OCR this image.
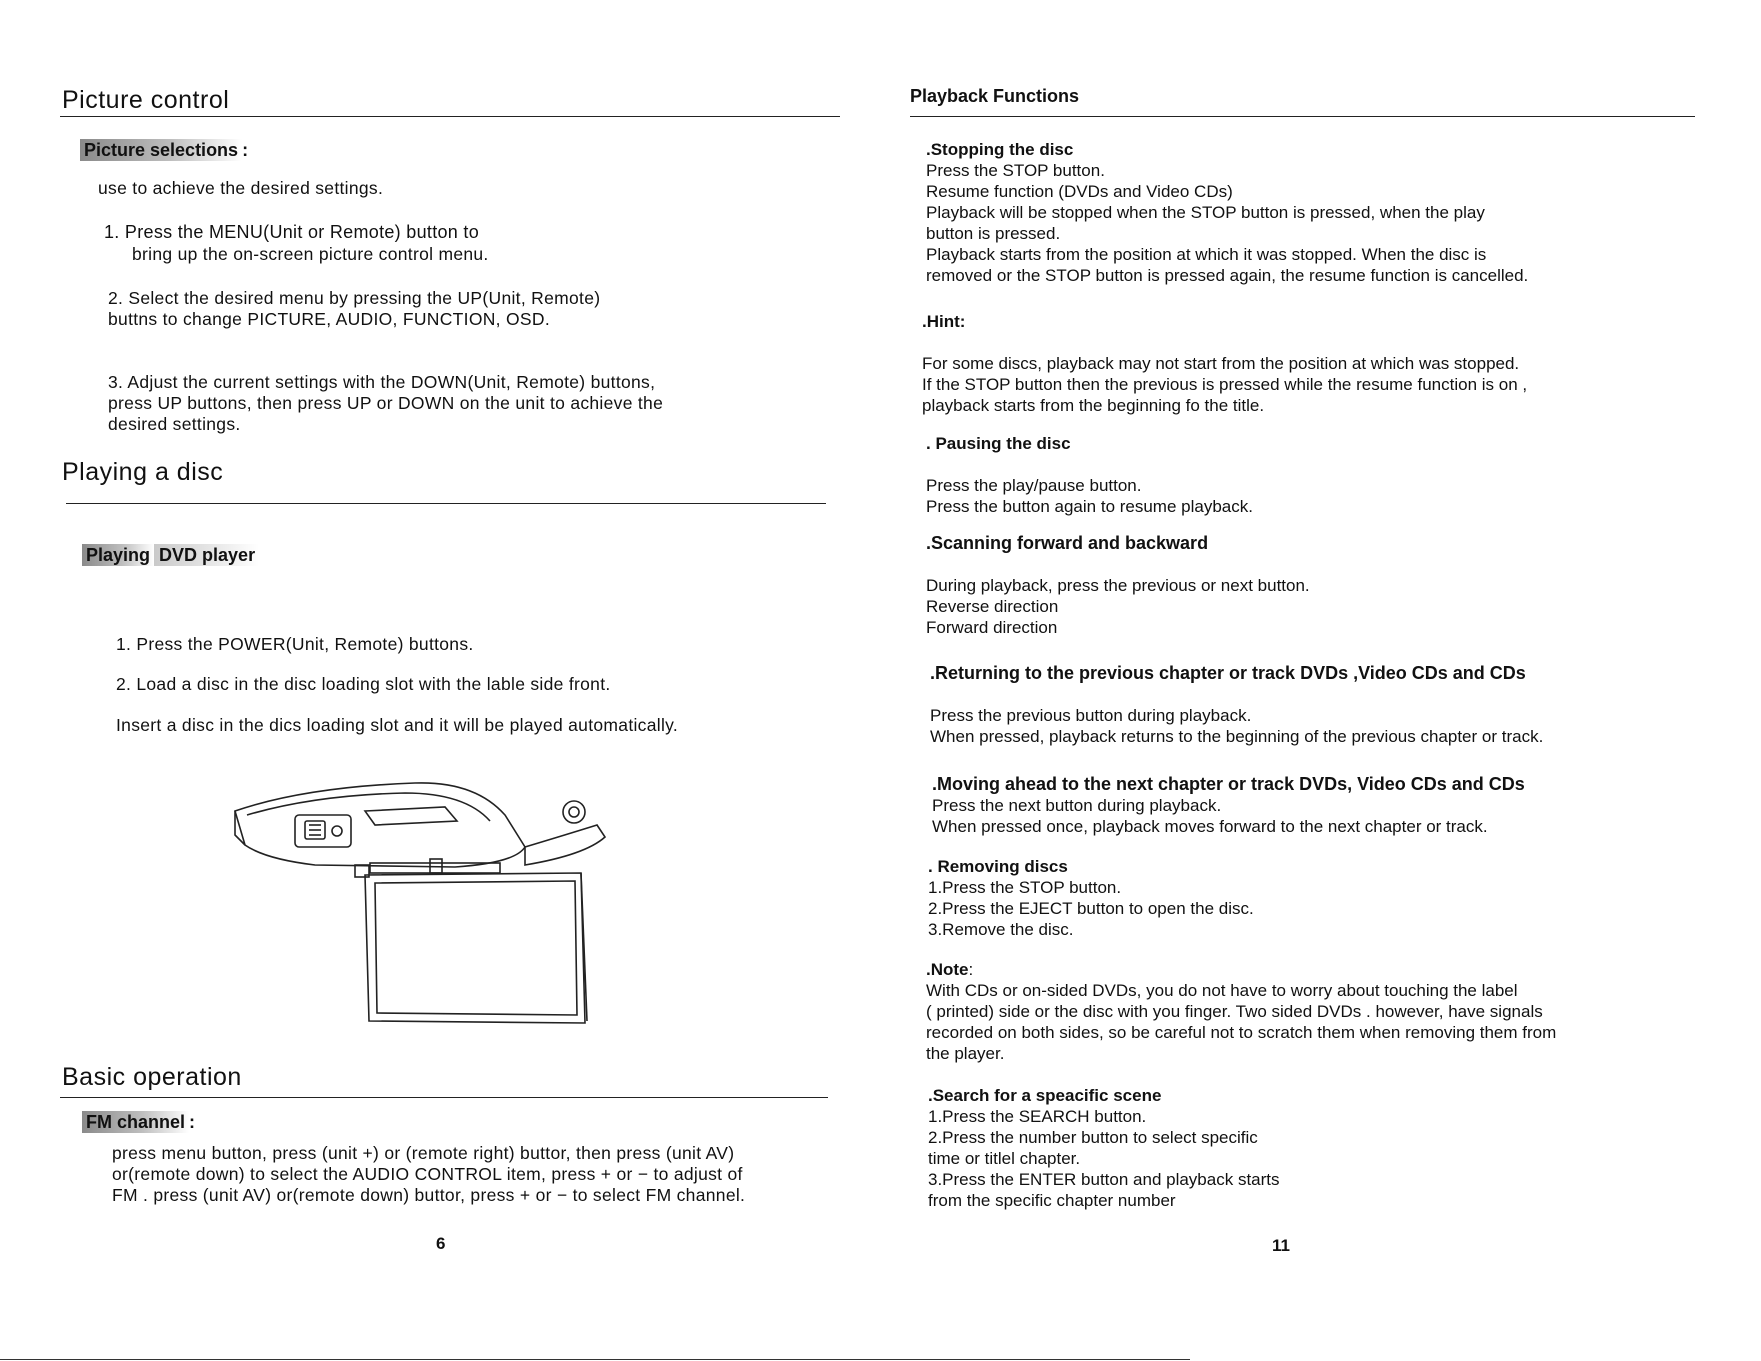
Picture control
Picture selections :
use to achieve the desired settings.
1. Press the MENU(Unit or Remote) button to
bring up the on-screen picture control menu.
2. Select the desired menu by pressing the UP(Unit, Remote)
buttns to change PICTURE, AUDIO, FUNCTION, OSD.
3. Adjust the current settings with the DOWN(Unit, Remote) buttons,
press UP buttons, then press UP or DOWN on the unit to achieve the
desired settings.
Playing a disc
Playing DVD player
1. Press the POWER(Unit, Remote) buttons.
2. Load a disc in the disc loading slot with the lable side front.
Insert a disc in the dics loading slot and it will be played automatically.
Basic operation
FM channel :
press menu button, press (unit +) or (remote right) buttor, then press (unit AV)
or(remote down) to select the AUDIO CONTROL item, press + or − to adjust of
FM . press (unit AV) or(remote down) buttor, press + or − to select FM channel.
6
Playback Functions
.Stopping the disc
Press the STOP button.
Resume function (DVDs and Video CDs)
Playback will be stopped when the STOP button is pressed, when the play
button is pressed.
Playback starts from the position at which it was stopped. When the disc is
removed or the STOP button is pressed again, the resume function is cancelled.
.Hint:
For some discs, playback may not start from the position at which was stopped.
If the STOP button then the previous is pressed while the resume function is on ,
playback starts from the beginning fo the title.
. Pausing the disc
Press the play/pause button.
Press the button again to resume playback.
.Scanning forward and backward
During playback, press the previous or next button.
Reverse direction
Forward direction
.Returning to the previous chapter or track DVDs ,Video CDs and CDs
Press the previous button during playback.
When pressed, playback returns to the beginning of the previous chapter or track.
.Moving ahead to the next chapter or track DVDs, Video CDs and CDs
Press the next button during playback.
When pressed once, playback moves forward to the next chapter or track.
. Removing discs
1.Press the STOP button.
2.Press the EJECT button to open the disc.
3.Remove the disc.
.Note:
With CDs or on-sided DVDs, you do not have to worry about touching the label
( printed) side or the disc with you finger. Two sided DVDs . however, have signals
recorded on both sides, so be careful not to scratch them when removing them from
the player.
.Search for a speacific scene
1.Press the SEARCH button.
2.Press the number button to select specific
time or titlel chapter.
3.Press the ENTER button and playback starts
from the specific chapter number
11
